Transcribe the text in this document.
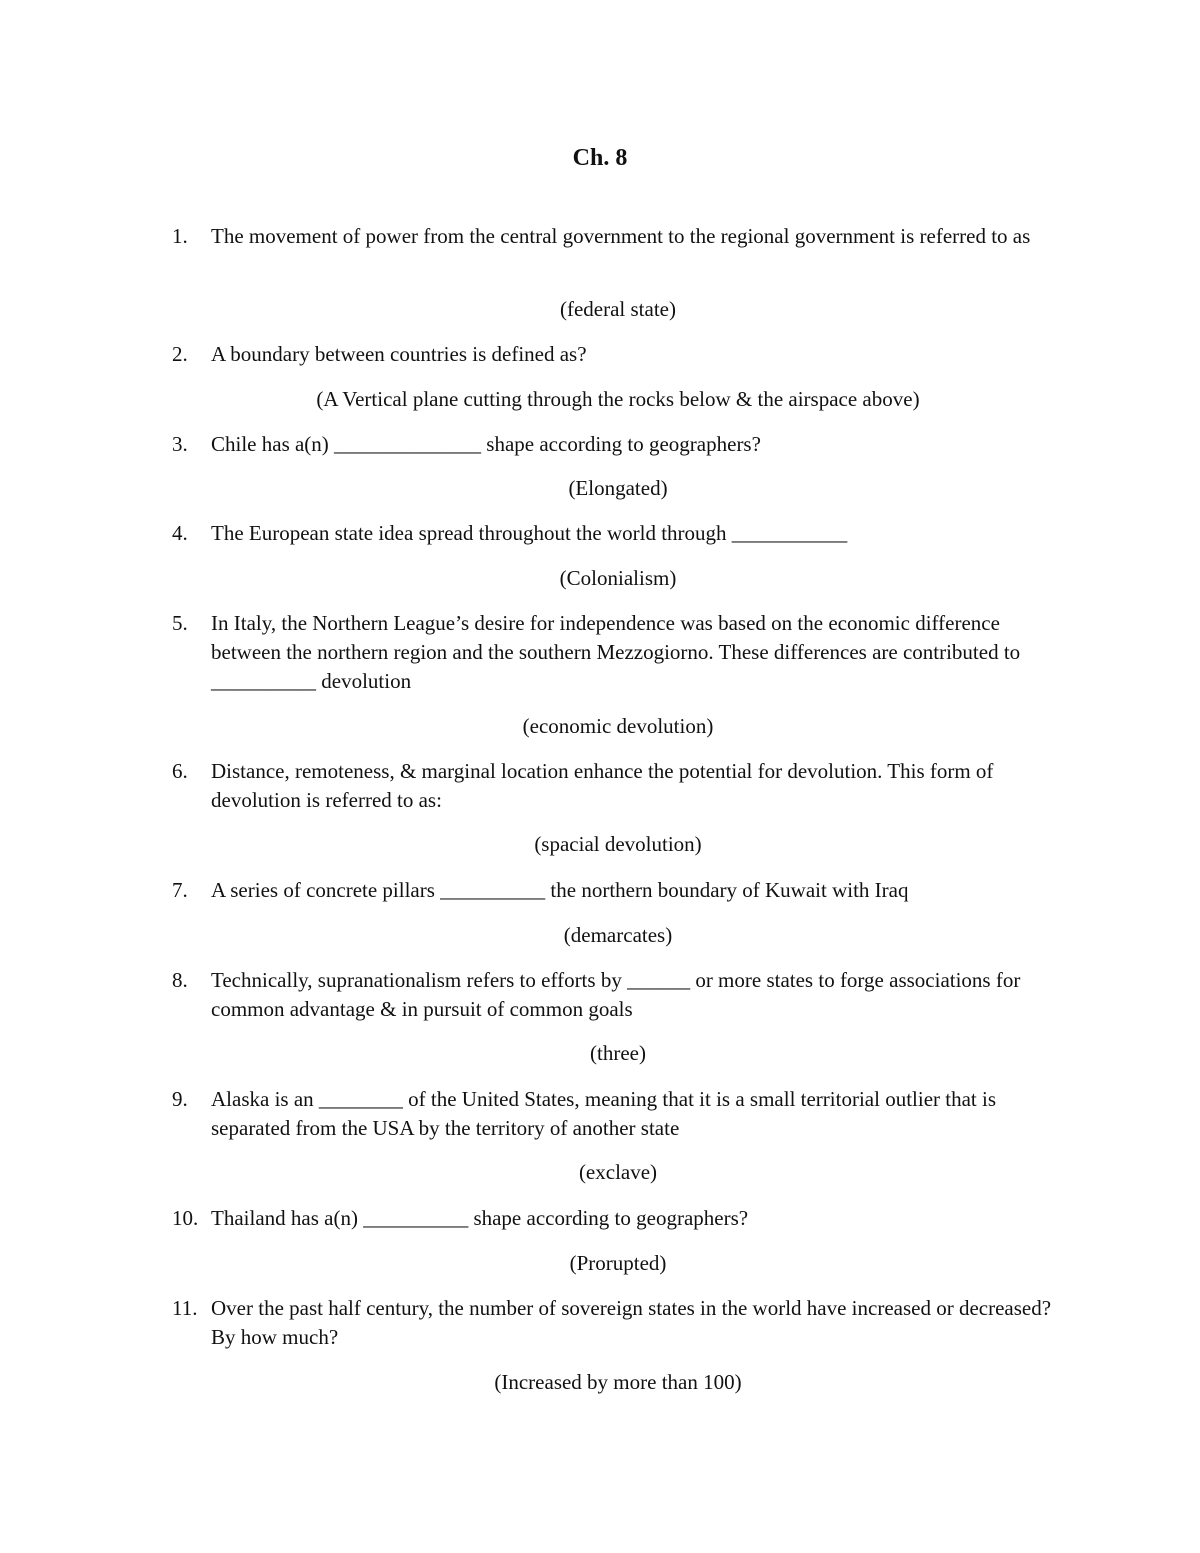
Ch. 8
1. The movement of power from the central government to the regional government is referred to as
(federal state)
2. A boundary between countries is defined as?
(A Vertical plane cutting through the rocks below & the airspace above)
3. Chile has a(n) ______________ shape according to geographers?
(Elongated)
4. The European state idea spread throughout the world through ___________
(Colonialism)
5. In Italy, the Northern League’s desire for independence was based on the economic difference between the northern region and the southern Mezzogiorno. These differences are contributed to __________ devolution
(economic devolution)
6. Distance, remoteness, & marginal location enhance the potential for devolution. This form of devolution is referred to as:
(spacial devolution)
7. A series of concrete pillars __________ the northern boundary of Kuwait with Iraq
(demarcates)
8. Technically, supranationalism refers to efforts by ______ or more states to forge associations for common advantage & in pursuit of common goals
(three)
9. Alaska is an ________ of the United States, meaning that it is a small territorial outlier that is separated from the USA by the territory of another state
(exclave)
10. Thailand has a(n) __________ shape according to geographers?
(Prorupted)
11. Over the past half century, the number of sovereign states in the world have increased or decreased? By how much?
(Increased by more than 100)
